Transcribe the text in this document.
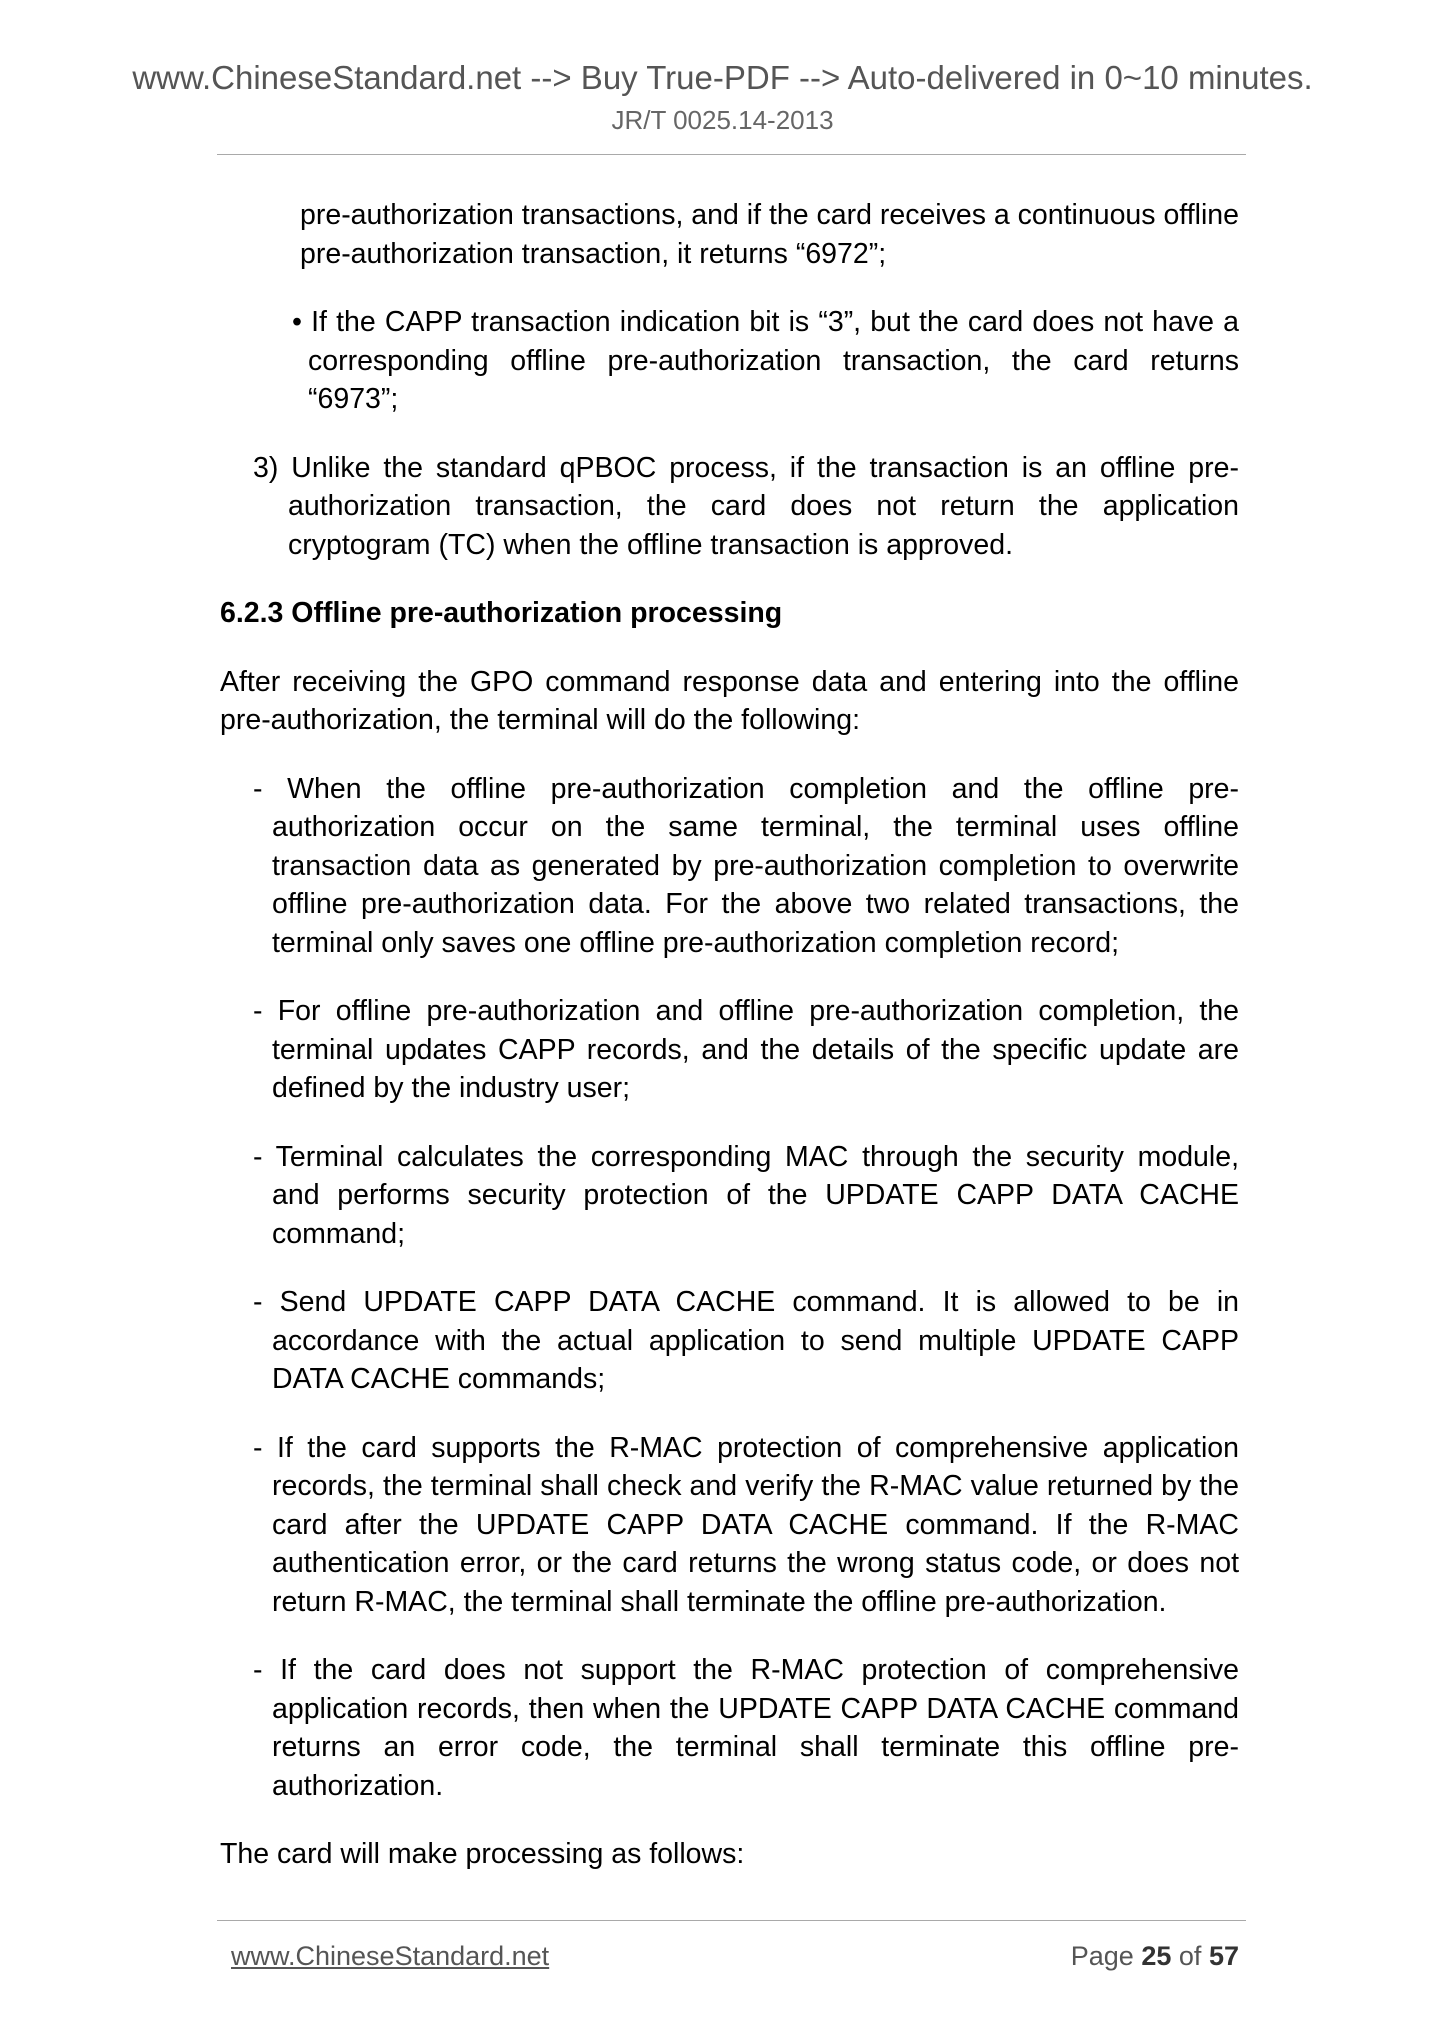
www.ChineseStandard.net --> Buy True-PDF --> Auto-delivered in 0~10 minutes.
JR/T 0025.14-2013

pre-authorization transactions, and if the card receives a continuous offline pre-authorization transaction, it returns “6972”;

• If the CAPP transaction indication bit is “3”, but the card does not have a corresponding offline pre-authorization transaction, the card returns “6973”;

3) Unlike the standard qPBOC process, if the transaction is an offline pre-authorization transaction, the card does not return the application cryptogram (TC) when the offline transaction is approved.

6.2.3 Offline pre-authorization processing

After receiving the GPO command response data and entering into the offline pre-authorization, the terminal will do the following:

- When the offline pre-authorization completion and the offline pre-authorization occur on the same terminal, the terminal uses offline transaction data as generated by pre-authorization completion to overwrite offline pre-authorization data. For the above two related transactions, the terminal only saves one offline pre-authorization completion record;

- For offline pre-authorization and offline pre-authorization completion, the terminal updates CAPP records, and the details of the specific update are defined by the industry user;

- Terminal calculates the corresponding MAC through the security module, and performs security protection of the UPDATE CAPP DATA CACHE command;

- Send UPDATE CAPP DATA CACHE command. It is allowed to be in accordance with the actual application to send multiple UPDATE CAPP DATA CACHE commands;

- If the card supports the R-MAC protection of comprehensive application records, the terminal shall check and verify the R-MAC value returned by the card after the UPDATE CAPP DATA CACHE command. If the R-MAC authentication error, or the card returns the wrong status code, or does not return R-MAC, the terminal shall terminate the offline pre-authorization.

- If the card does not support the R-MAC protection of comprehensive application records, then when the UPDATE CAPP DATA CACHE command returns an error code, the terminal shall terminate this offline pre-authorization.

The card will make processing as follows:

www.ChineseStandard.net	Page 25 of 57
